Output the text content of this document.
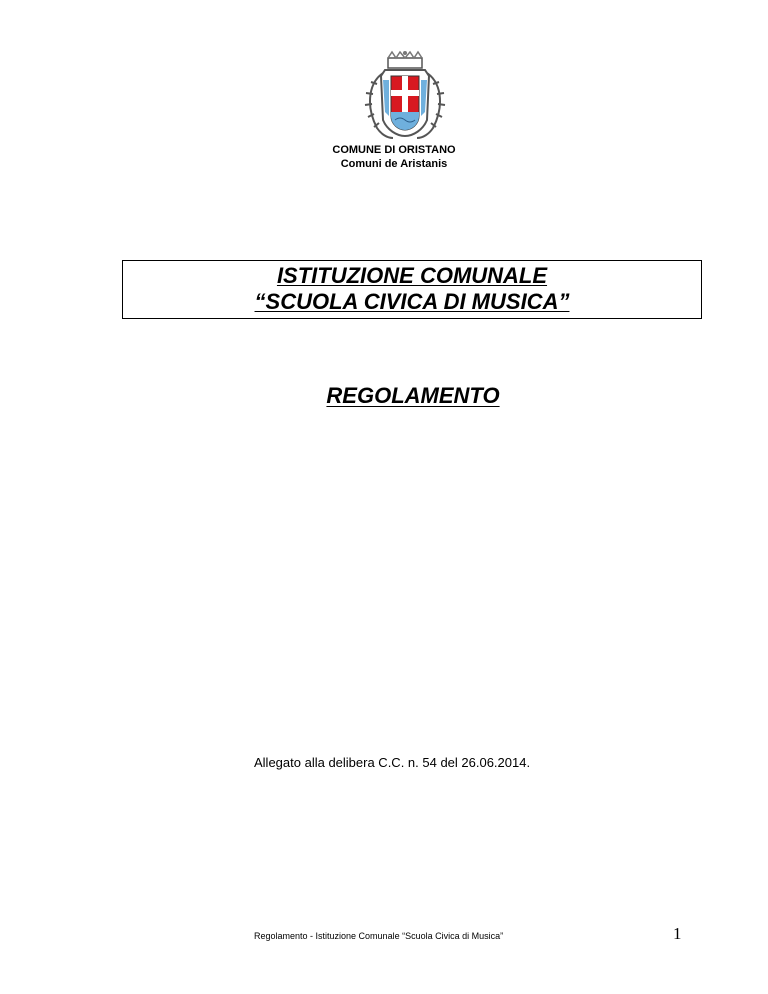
COMUNE DI ORISTANO
Comuni de Aristanis
ISTITUZIONE COMUNALE
“SCUOLA CIVICA DI MUSICA”
REGOLAMENTO
Allegato alla delibera C.C. n. 54 del 26.06.2014.
Regolamento - Istituzione Comunale “Scuola Civica di Musica”	1
